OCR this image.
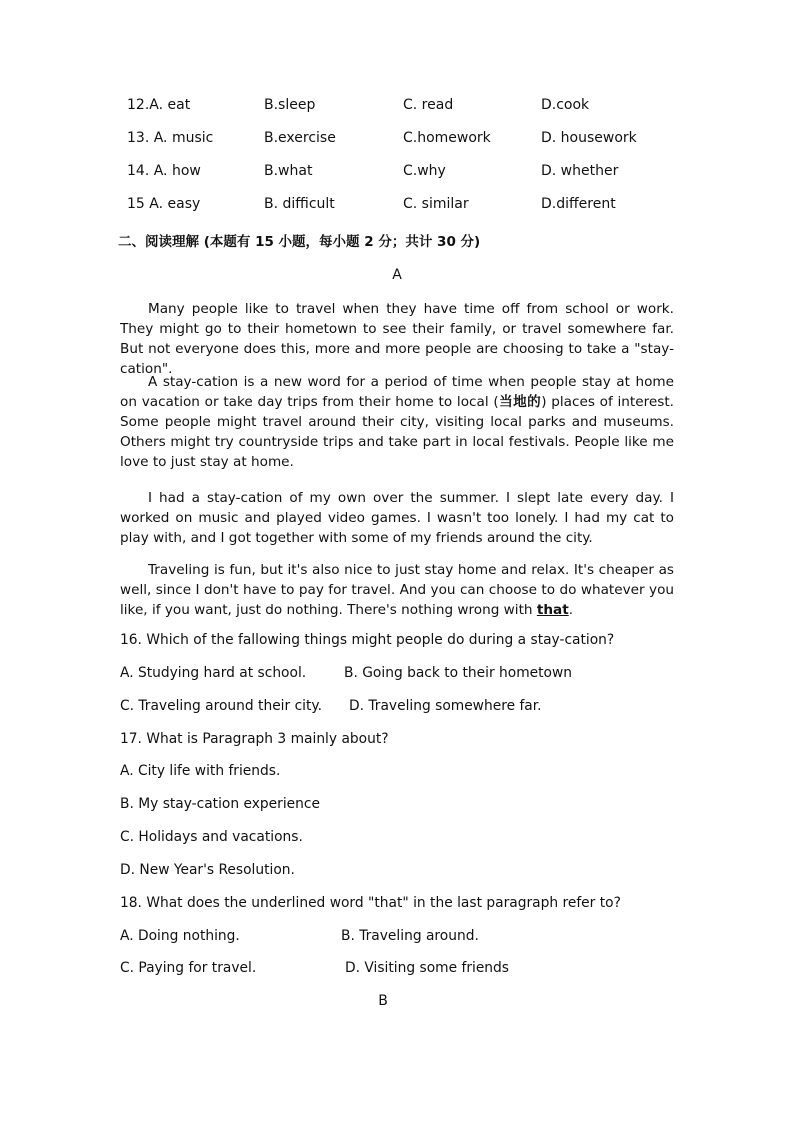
12.A. eat	B.sleep	C. read	D.cook
13. A. music	B.exercise	C.homework	D. housework
14. A. how	B.what	C.why	D. whether
15 A. easy	B. difficult	C. similar	D.different
二、阅读理解 (本题有 15 小题，每小题 2 分；共计 30 分)
A
Many people like to travel when they have time off from school or work. They might go to their hometown to see their family, or travel somewhere far. But not everyone does this, more and more people are choosing to take a "stay-cation".
A stay-cation is a new word for a period of time when people stay at home on vacation or take day trips from their home to local (当地的) places of interest. Some people might travel around their city, visiting local parks and museums. Others might try countryside trips and take part in local festivals. People like me love to just stay at home.
I had a stay-cation of my own over the summer. I slept late every day. I worked on music and played video games. I wasn't too lonely. I had my cat to play with, and I got together with some of my friends around the city.
Traveling is fun, but it's also nice to just stay home and relax. It's cheaper as well, since I don't have to pay for travel. And you can choose to do whatever you like, if you want, just do nothing. There's nothing wrong with that.
16. Which of the fallowing things might people do during a stay-cation?
A. Studying hard at school.	B. Going back to their hometown
C. Traveling around their city. D. Traveling somewhere far.
17. What is Paragraph 3 mainly about?
A. City life with friends.
B. My stay-cation experience
C. Holidays and vacations.
D. New Year's Resolution.
18. What does the underlined word "that" in the last paragraph refer to?
A. Doing nothing.	B. Traveling around.
C. Paying for travel.	D. Visiting some friends
B
